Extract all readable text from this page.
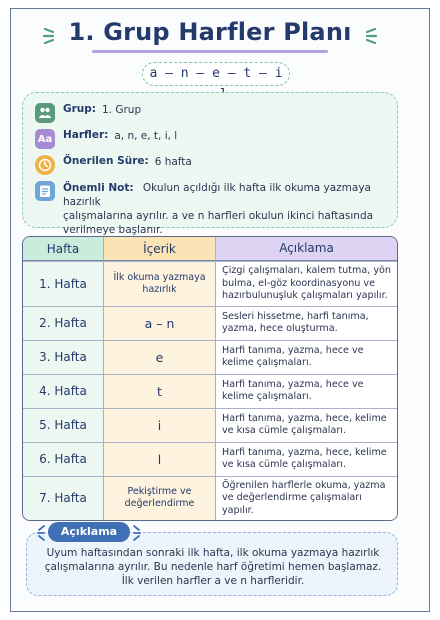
1. Grup Harfler Planı
a – n – e – t – i
Grup: 1. Grup
Aa Harfler: a, n, e, t, i, l
Önerilen Süre: 6 hafta
Önemli Not: Okulun açıldığı ilk hafta ilk okuma yazmaya hazırlık
çalışmalarına ayrılır. a ve n harfleri okulun ikinci haftasında
verilmeye başlanır.
Hafta	İçerik	Açıklama
1. Hafta	İlk okuma yazmaya hazırlık	Çizgi çalışmaları, kalem tutma, yön bulma, el-göz koordinasyonu ve hazırbulunuşluk çalışmaları yapılır.
2. Hafta	a – n	Sesleri hissetme, harfi tanıma, yazma, hece oluşturma.
3. Hafta	e	Harfi tanıma, yazma, hece ve kelime çalışmaları.
4. Hafta	t	Harfi tanıma, yazma, hece ve kelime çalışmaları.
5. Hafta	i	Harfi tanıma, yazma, hece, kelime ve kısa cümle çalışmaları.
6. Hafta	l	Harfi tanıma, yazma, hece, kelime ve kısa cümle çalışmaları.
7. Hafta	Pekiştirme ve değerlendirme	Öğrenilen harflerle okuma, yazma ve değerlendirme çalışmaları yapılır.
Açıklama
Uyum haftasından sonraki ilk hafta, ilk okuma yazmaya hazırlık
çalışmalarına ayrılır. Bu nedenle harf öğretimi hemen başlamaz.
İlk verilen harfler a ve n harfleridir.
